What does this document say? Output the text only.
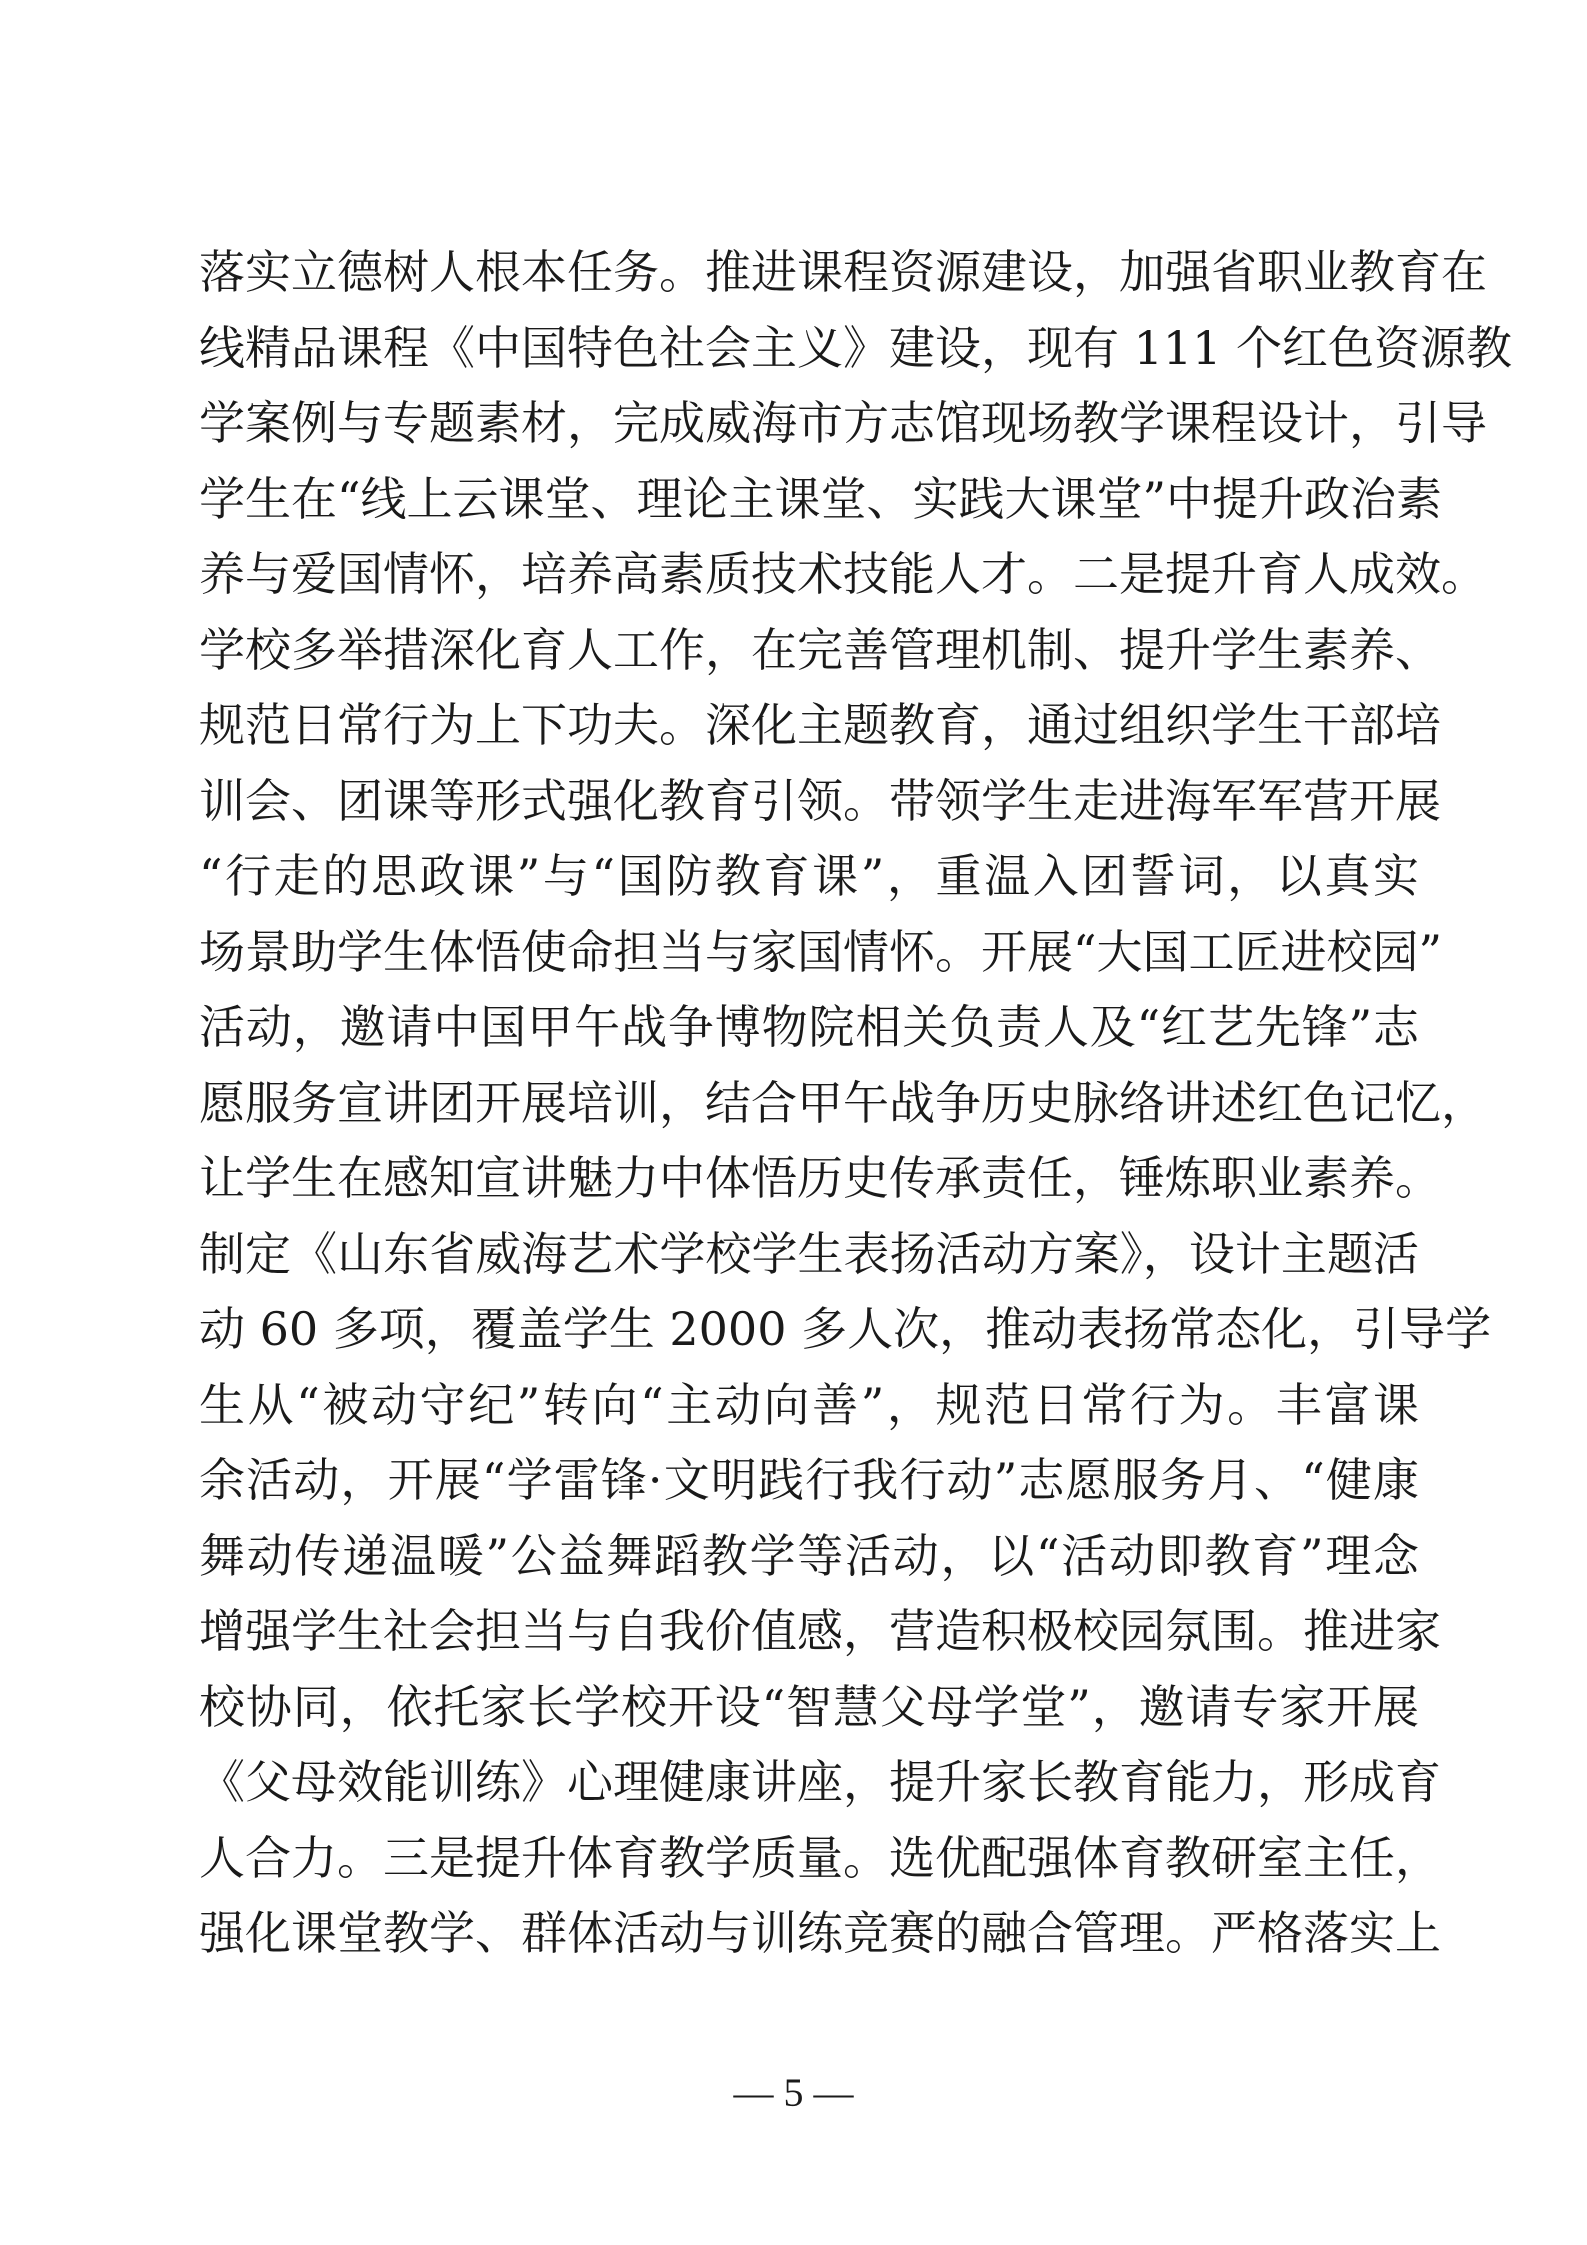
落实立德树人根本任务。推进课程资源建设，加强省职业教育在
线精品课程《中国特色社会主义》建设，现有 111 个红色资源教
学案例与专题素材，完成威海市方志馆现场教学课程设计，引导
学生在“线上云课堂、理论主课堂、实践大课堂”中提升政治素
养与爱国情怀，培养高素质技术技能人才。二是提升育人成效。
学校多举措深化育人工作，在完善管理机制、提升学生素养、
规范日常行为上下功夫。深化主题教育，通过组织学生干部培
训会、团课等形式强化教育引领。带领学生走进海军军营开展
“行走的思政课”与“国防教育课”，重温入团誓词，以真实
场景助学生体悟使命担当与家国情怀。开展“大国工匠进校园”
活动，邀请中国甲午战争博物院相关负责人及“红艺先锋”志
愿服务宣讲团开展培训，结合甲午战争历史脉络讲述红色记忆，
让学生在感知宣讲魅力中体悟历史传承责任，锤炼职业素养。
制定《山东省威海艺术学校学生表扬活动方案》，设计主题活
动 60 多项，覆盖学生 2000 多人次，推动表扬常态化，引导学
生从“被动守纪”转向“主动向善”，规范日常行为。丰富课
余活动，开展“学雷锋·文明践行我行动”志愿服务月、“健康
舞动传递温暖”公益舞蹈教学等活动，以“活动即教育”理念
增强学生社会担当与自我价值感，营造积极校园氛围。推进家
校协同，依托家长学校开设“智慧父母学堂”，邀请专家开展
《父母效能训练》心理健康讲座，提升家长教育能力，形成育
人合力。三是提升体育教学质量。选优配强体育教研室主任，
强化课堂教学、群体活动与训练竞赛的融合管理。严格落实上
— 5 —
